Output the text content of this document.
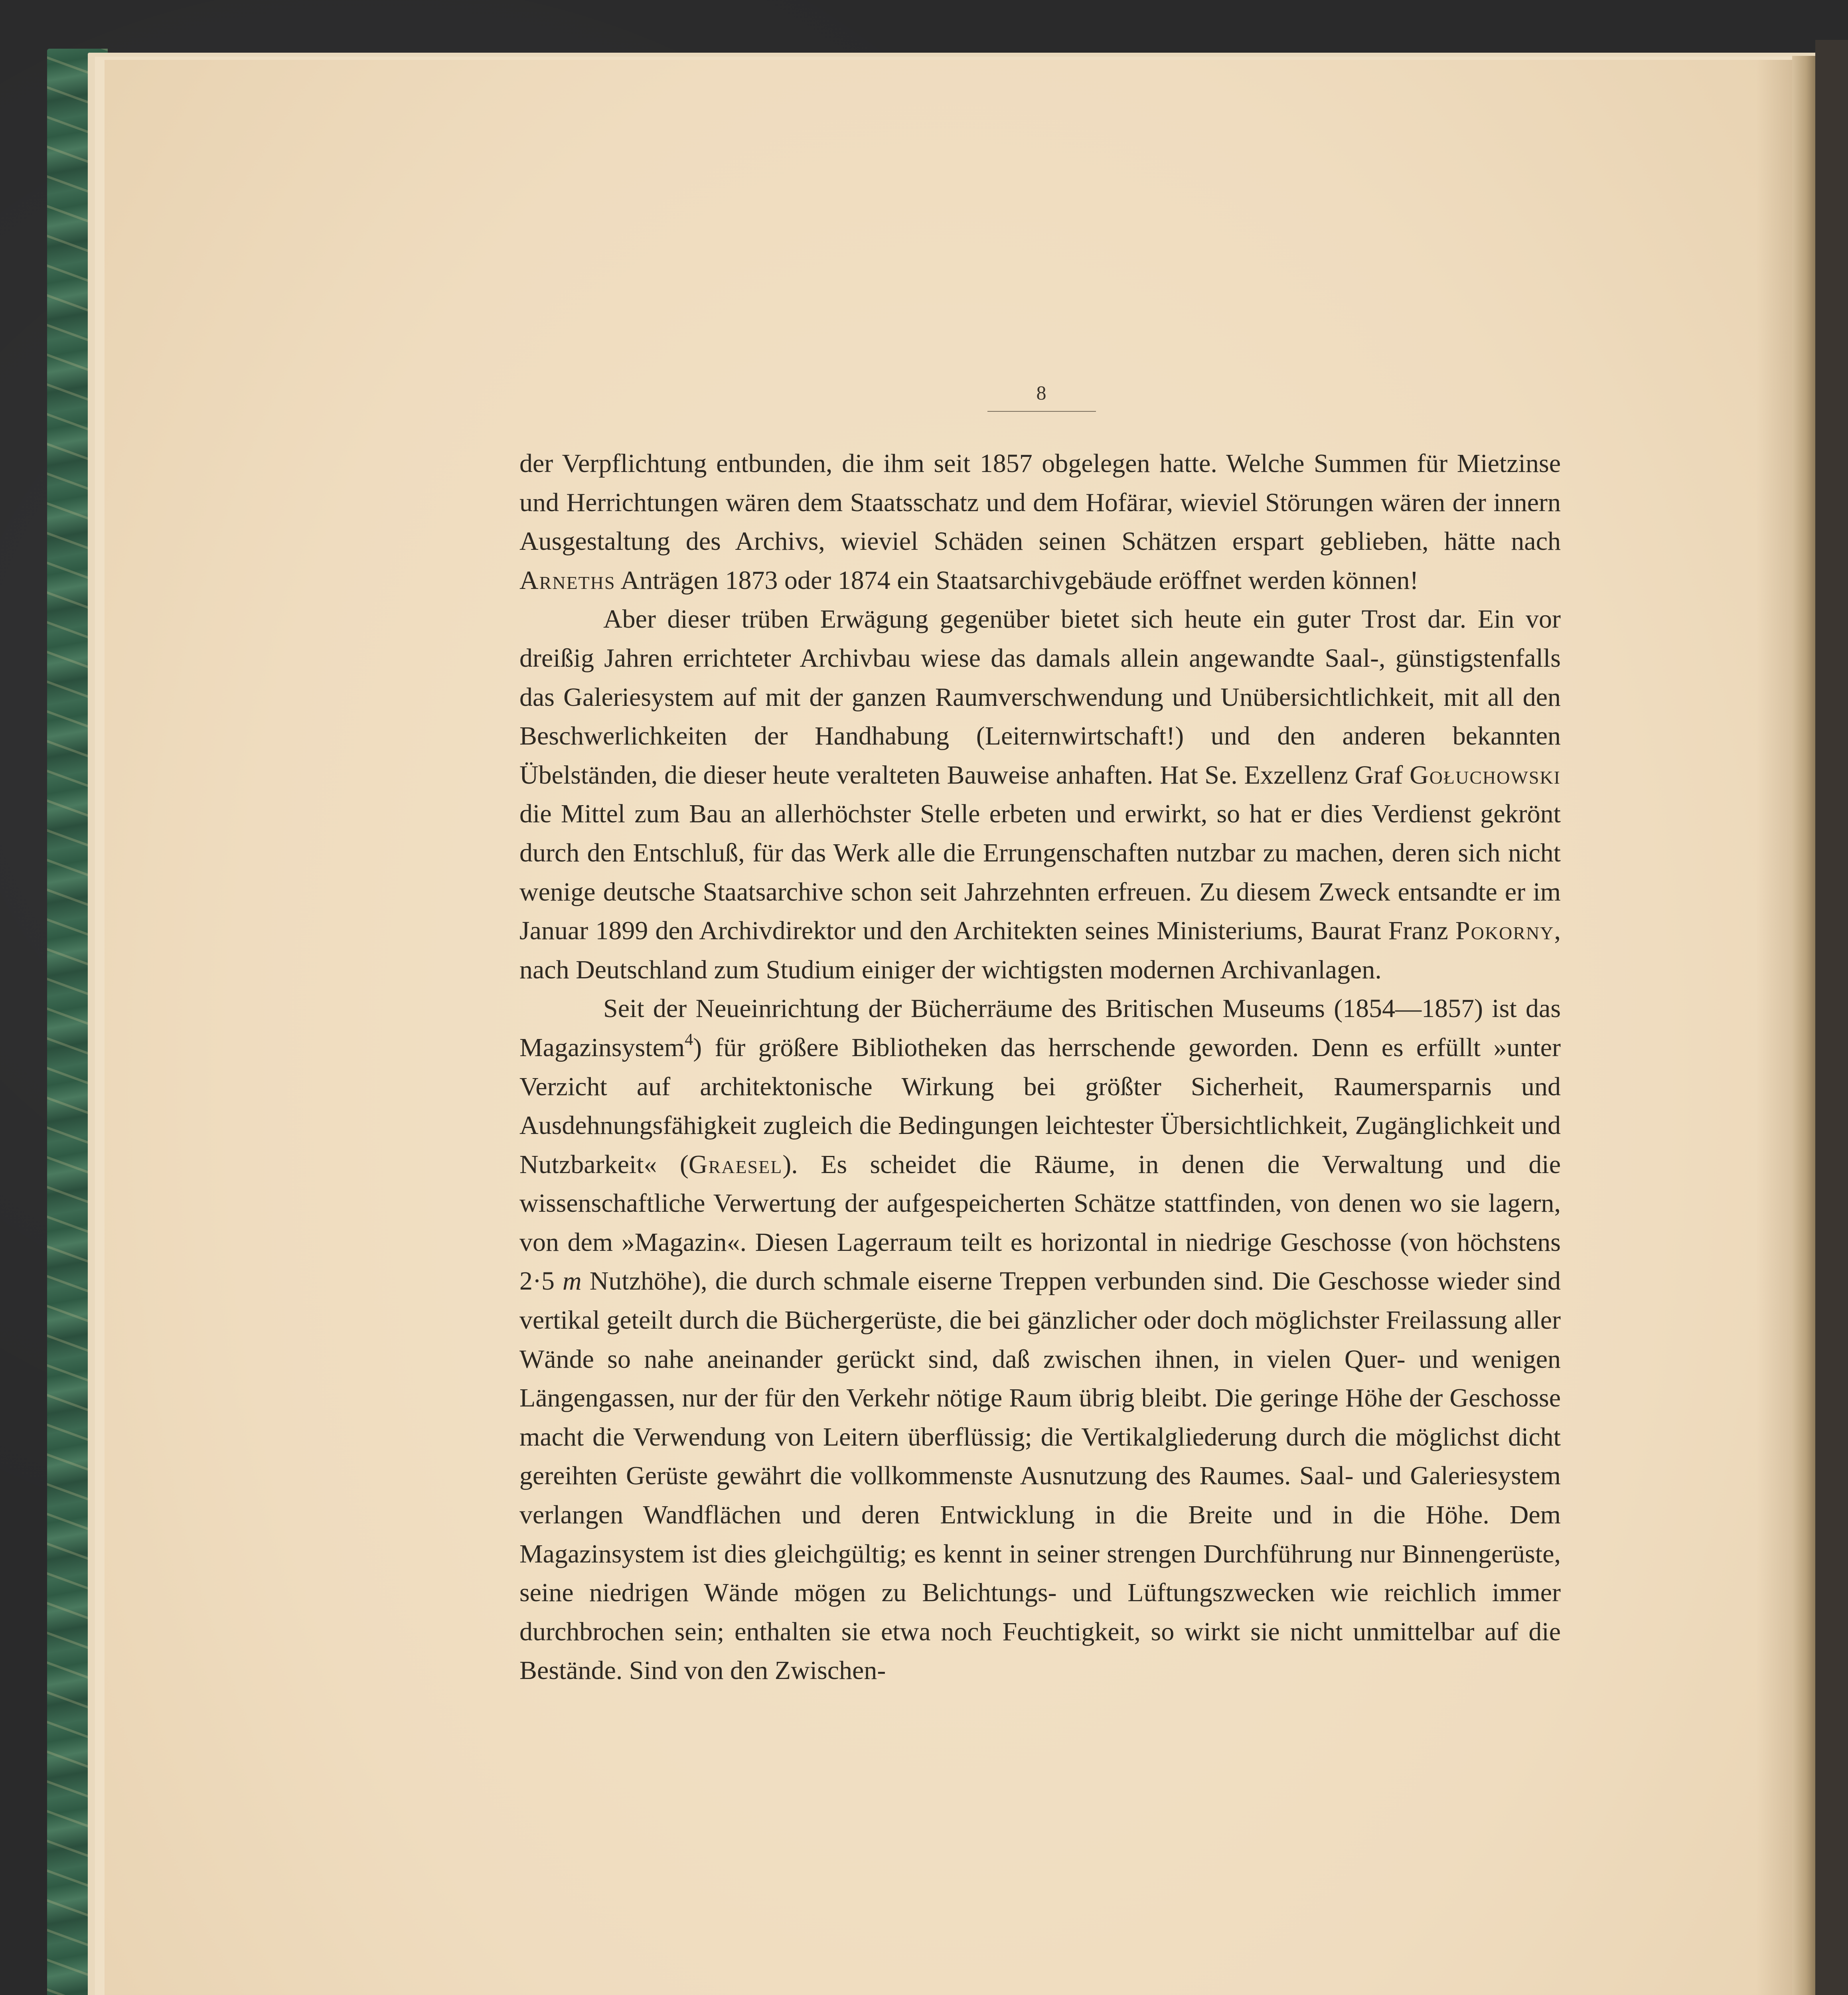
8

der Verpflichtung entbunden, die ihm seit 1857 obgelegen hatte. Welche Summen für Mietzinse und Herrichtungen wären dem Staatsschatz und dem Hofärar, wieviel Störungen wären der innern Ausgestaltung des Archivs, wieviel Schäden seinen Schätzen erspart geblieben, hätte nach Arneths Anträgen 1873 oder 1874 ein Staatsarchivgebäude eröffnet werden können!

Aber dieser trüben Erwägung gegenüber bietet sich heute ein guter Trost dar. Ein vor dreißig Jahren errichteter Archivbau wiese das damals allein angewandte Saal-, günstigstenfalls das Galeriesystem auf mit der ganzen Raumverschwendung und Unübersichtlichkeit, mit all den Beschwerlichkeiten der Handhabung (Leiternwirtschaft!) und den anderen bekannten Übelständen, die dieser heute veralteten Bauweise anhaften. Hat Se. Exzellenz Graf Gołuchowski die Mittel zum Bau an allerhöchster Stelle erbeten und erwirkt, so hat er dies Verdienst gekrönt durch den Entschluß, für das Werk alle die Errungenschaften nutzbar zu machen, deren sich nicht wenige deutsche Staatsarchive schon seit Jahrzehnten erfreuen. Zu diesem Zweck entsandte er im Januar 1899 den Archivdirektor und den Architekten seines Ministeriums, Baurat Franz Pokorny, nach Deutschland zum Studium einiger der wichtigsten modernen Archivanlagen.

Seit der Neueinrichtung der Bücherräume des Britischen Museums (1854—1857) ist das Magazinsystem$^4$) für größere Bibliotheken das herrschende geworden. Denn es erfüllt »unter Verzicht auf architektonische Wirkung bei größter Sicherheit, Raumersparnis und Ausdehnungsfähigkeit zugleich die Bedingungen leichtester Übersichtlichkeit, Zugänglichkeit und Nutzbarkeit« (Graesel). Es scheidet die Räume, in denen die Verwaltung und die wissenschaftliche Verwertung der aufgespeicherten Schätze stattfinden, von denen wo sie lagern, von dem »Magazin«. Diesen Lagerraum teilt es horizontal in niedrige Geschosse (von höchstens 2·5 m Nutzhöhe), die durch schmale eiserne Treppen verbunden sind. Die Geschosse wieder sind vertikal geteilt durch die Büchergerüste, die bei gänzlicher oder doch möglichster Freilassung aller Wände so nahe aneinander gerückt sind, daß zwischen ihnen, in vielen Quer- und wenigen Längengassen, nur der für den Verkehr nötige Raum übrig bleibt. Die geringe Höhe der Geschosse macht die Verwendung von Leitern überflüssig; die Vertikalgliederung durch die möglichst dicht gereihten Gerüste gewährt die vollkommenste Ausnutzung des Raumes. Saal- und Galeriesystem verlangen Wandflächen und deren Entwicklung in die Breite und in die Höhe. Dem Magazinsystem ist dies gleichgültig; es kennt in seiner strengen Durchführung nur Binnengerüste, seine niedrigen Wände mögen zu Belichtungs- und Lüftungszwecken wie reichlich immer durchbrochen sein; enthalten sie etwa noch Feuchtigkeit, so wirkt sie nicht unmittelbar auf die Bestände. Sind von den Zwischen-
